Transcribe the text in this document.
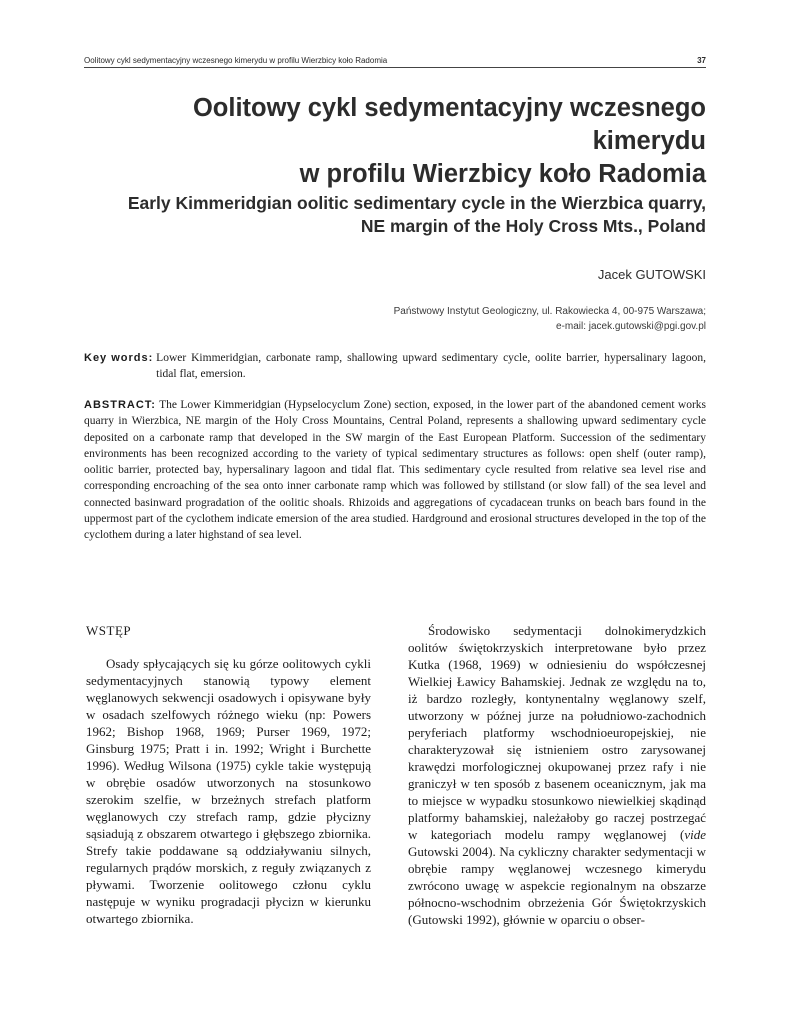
Oolitowy cykl sedymentacyjny wczesnego kimerydu w profilu Wierzbicy koło Radomia	37
Oolitowy cykl sedymentacyjny wczesnego kimerydu
w profilu Wierzbicy koło Radomia
Early Kimmeridgian oolitic sedimentary cycle in the Wierzbica quarry,
NE margin of the Holy Cross Mts., Poland
Jacek GUTOWSKI
Państwowy Instytut Geologiczny, ul. Rakowiecka 4, 00-975 Warszawa;
e-mail: jacek.gutowski@pgi.gov.pl
Key words:
Lower Kimmeridgian, carbonate ramp, shallowing upward sedimentary cycle, oolite barrier, hypersalinary lagoon, tidal flat, emersion.
ABSTRACT: The Lower Kimmeridgian (Hypselocyclum Zone) section, exposed, in the lower part of the abandoned cement works quarry in Wierzbica, NE margin of the Holy Cross Mountains, Central Poland, represents a shallowing upward sedimentary cycle deposited on a carbonate ramp that developed in the SW margin of the East European Platform. Succession of the sedimentary environments has been recognized according to the variety of typical sedimentary structures as follows: open shelf (outer ramp), oolitic barrier, protected bay, hypersalinary lagoon and tidal flat. This sedimentary cycle resulted from relative sea level rise and corresponding encroaching of the sea onto inner carbonate ramp which was followed by stillstand (or slow fall) of the sea level and connected basinward progradation of the oolitic shoals. Rhizoids and aggregations of cycadacean trunks on beach bars found in the uppermost part of the cyclothem indicate emersion of the area studied. Hardground and erosional structures developed in the top of the cyclothem during a later highstand of sea level.
WSTĘP

Osady spłycających się ku górze oolitowych cykli sedymentacyjnych stanowią typowy element węglanowych sekwencji osadowych i opisywane były w osadach szelfowych różnego wieku (np: Powers 1962; Bishop 1968, 1969; Purser 1969, 1972; Ginsburg 1975; Pratt i in. 1992; Wright i Burchette 1996). Według Wilsona (1975) cykle takie występują w obrębie osadów utworzonych na stosunkowo szerokim szelfie, w brzeżnych strefach platform węglanowych czy strefach ramp, gdzie płycizny sąsiadują z obszarem otwartego i głębszego zbiornika. Strefy takie poddawane są oddziaływaniu silnych, regularnych prądów morskich, z reguły związanych z pływami. Tworzenie oolitowego członu cyklu następuje w wyniku progradacji płycizn w kierunku otwartego zbiornika.

Środowisko sedymentacji dolnokimerydzkich oolitów świętokrzyskich interpretowane było przez Kutka (1968, 1969) w odniesieniu do współczesnej Wielkiej Ławicy Bahamskiej. Jednak ze względu na to, iż bardzo rozległy, kontynentalny węglanowy szelf, utworzony w późnej jurze na południowo-zachodnich peryferiach platformy wschodnioeuropejskiej, nie charakteryzował się istnieniem ostro zarysowanej krawędzi morfologicznej okupowanej przez rafy i nie graniczył w ten sposób z basenem oceanicznym, jak ma to miejsce w wypadku stosunkowo niewielkiej skądinąd platformy bahamskiej, należałoby go raczej postrzegać w kategoriach modelu rampy węglanowej (vide Gutowski 2004). Na cykliczny charakter sedymentacji w obrębie rampy węglanowej wczesnego kimerydu zwrócono uwagę w aspekcie regionalnym na obszarze północno-wschodnim obrzeżenia Gór Świętokrzyskich (Gutowski 1992), głównie w oparciu o obser-
